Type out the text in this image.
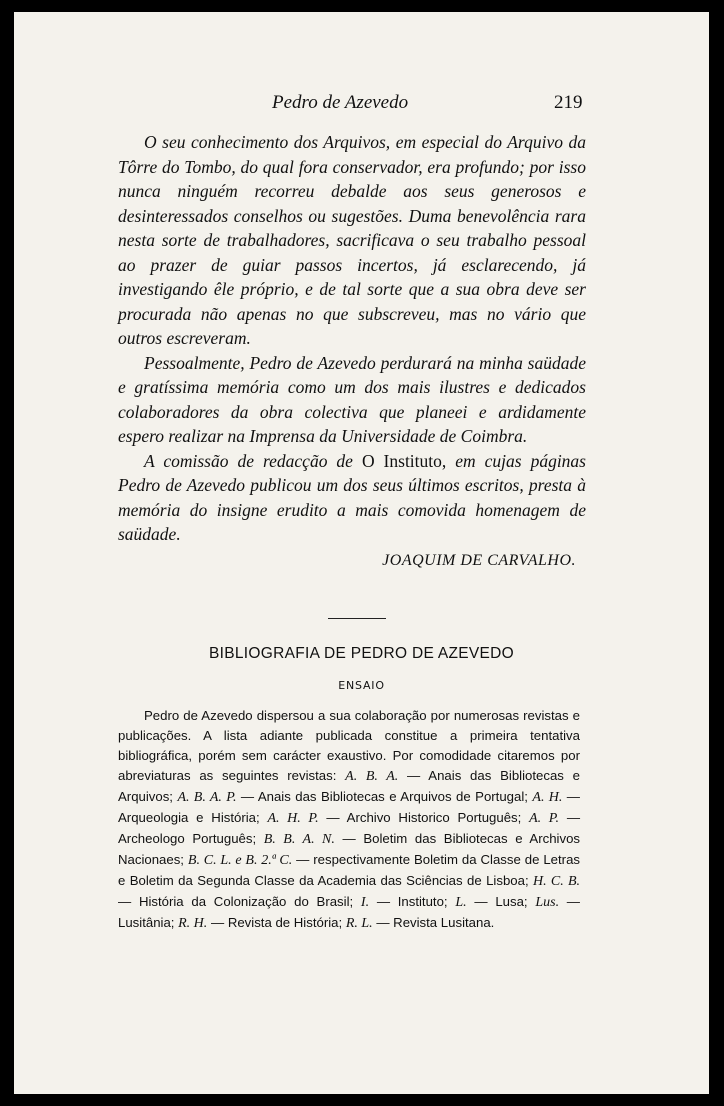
Pedro de Azevedo	219

O seu conhecimento dos Arquivos, em especial do Arquivo da Tôrre do Tombo, do qual fora conservador, era profundo; por isso nunca ninguém recorreu debalde aos seus generosos e desinteressados conselhos ou sugestões. Duma benevolência rara nesta sorte de trabalhadores, sacrificava o seu trabalho pessoal ao prazer de guiar passos incertos, já esclarecendo, já investigando êle próprio, e de tal sorte que a sua obra deve ser procurada não apenas no que subscreveu, mas no vário que outros escreveram.

Pessoalmente, Pedro de Azevedo perdurará na minha saüdade e gratíssima memória como um dos mais ilustres e dedicados colaboradores da obra colectiva que planeei e ardidamente espero realizar na Imprensa da Universidade de Coimbra.

A comissão de redacção de O Instituto, em cujas páginas Pedro de Azevedo publicou um dos seus últimos escritos, presta à memória do insigne erudito a mais comovida homenagem de saüdade.

JOAQUIM DE CARVALHO.
BIBLIOGRAFIA DE PEDRO DE AZEVEDO
ENSAIO

Pedro de Azevedo dispersou a sua colaboração por numerosas revistas e publicações. A lista adiante publicada constitue a primeira tentativa bibliográfica, porém sem carácter exaustivo. Por comodidade citaremos por abreviaturas as seguintes revistas: A. B. A. — Anais das Bibliotecas e Arquivos; A. B. A. P. — Anais das Bibliotecas e Arquivos de Portugal; A. H. — Arqueologia e História; A. H. P. — Archivo Historico Português; A. P. — Archeologo Português; B. B. A. N. — Boletim das Bibliotecas e Archivos Nacionaes; B. C. L. e B. 2.ª C. — respectivamente Boletim da Classe de Letras e Boletim da Segunda Classe da Academia das Sciências de Lisboa; H. C. B. — História da Colonização do Brasil; I. — Instituto; L. — Lusa; Lus. — Lusitânia; R. H. — Revista de História; R. L. — Revista Lusitana.
